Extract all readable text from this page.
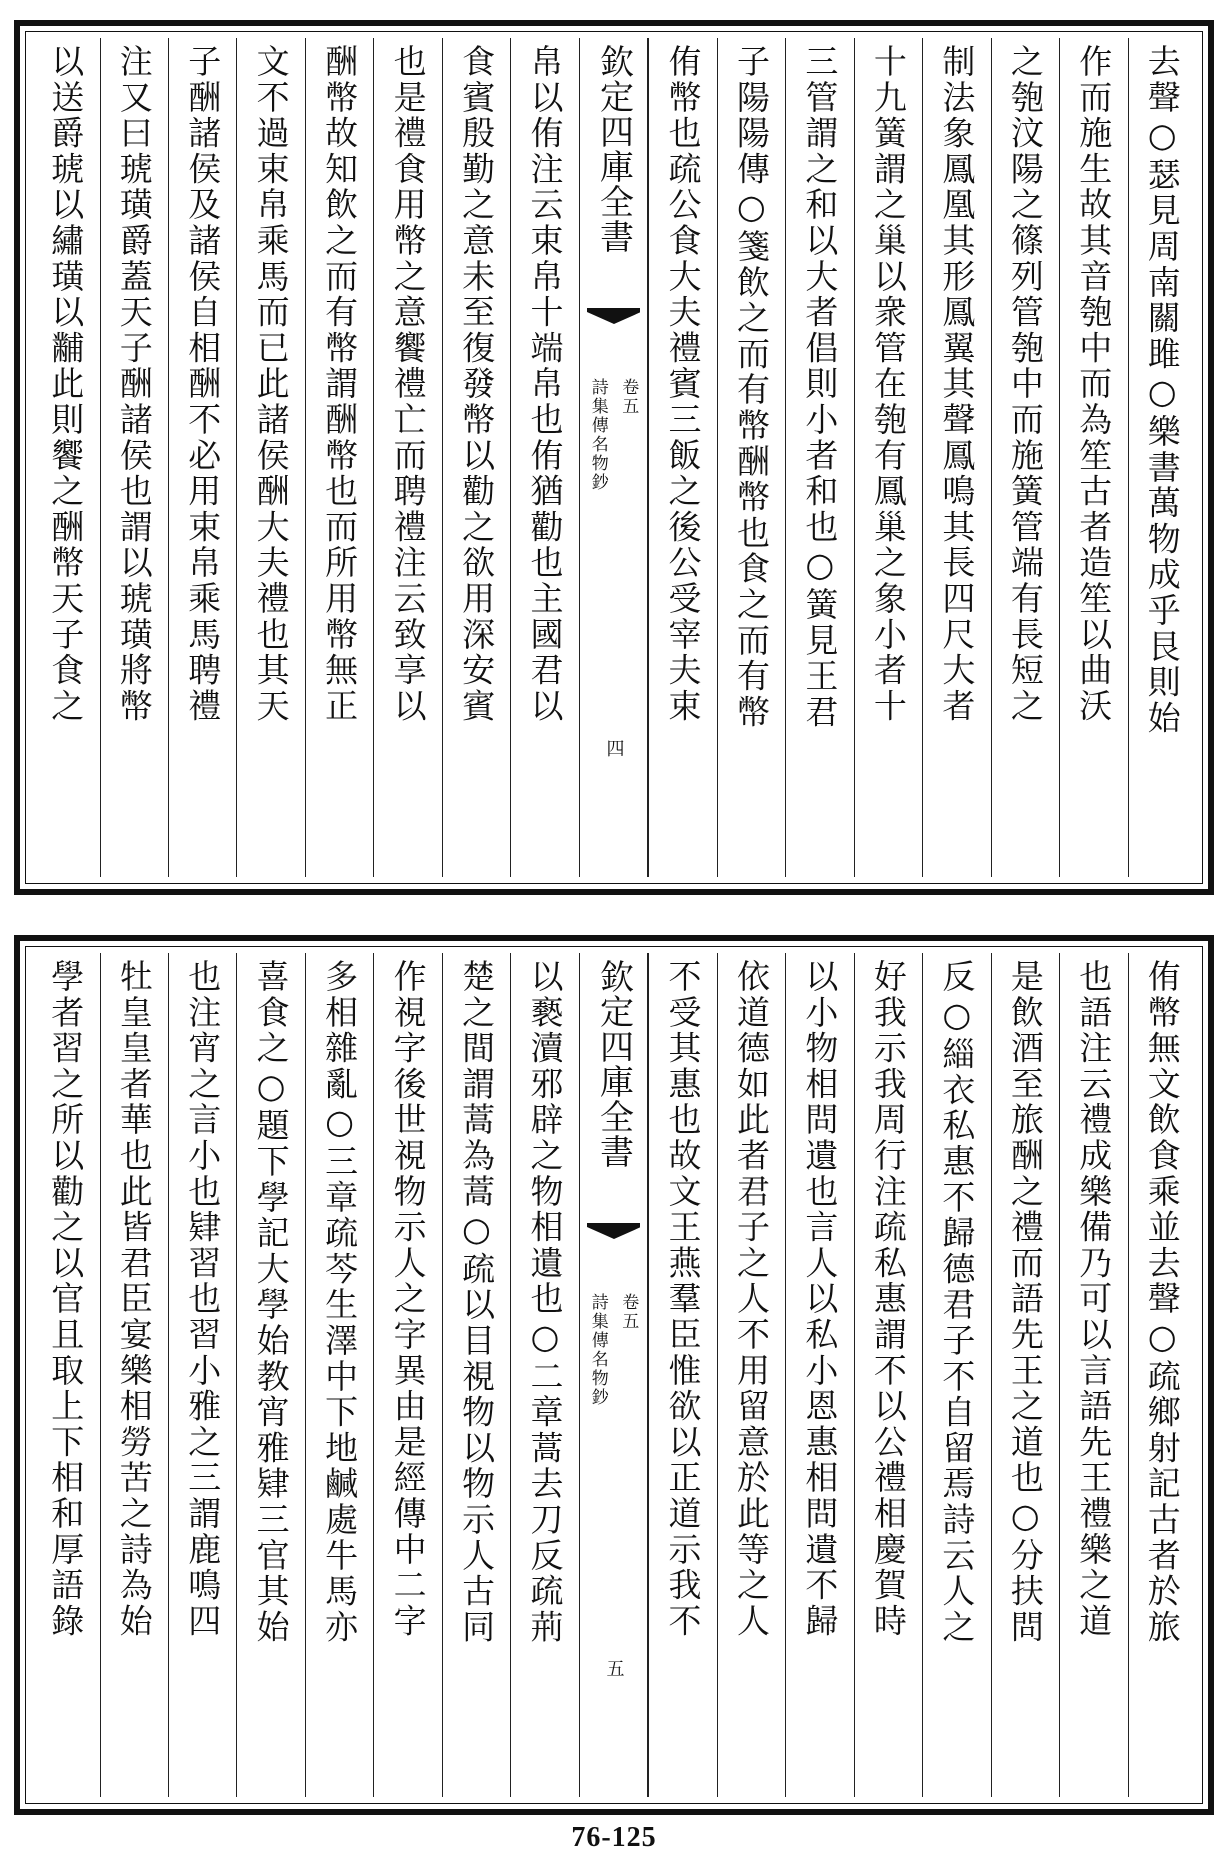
去聲○瑟見周南關雎○樂書萬物成乎艮則始
作而施生故其音匏中而為笙古者造笙以曲沃
之匏汶陽之篠列管匏中而施簧管端有長短之
制法象鳳凰其形鳳翼其聲鳳鳴其長四尺大者
十九簧謂之巢以衆管在匏有鳳巢之象小者十
三管謂之和以大者倡則小者和也○簧見王君
子陽陽傳○箋飲之而有幣酬幣也食之而有幣
侑幣也疏公食大夫禮賓三飯之後公受宰夫束
欽定四庫全書
詩集傳名物鈔 卷五
四
帛以侑注云束帛十端帛也侑猶勸也主國君以
食賓殷勤之意未至復發幣以勸之欲用深安賓
也是禮食用幣之意饗禮亡而聘禮注云致享以
酬幣故知飲之而有幣謂酬幣也而所用幣無正
文不過束帛乘馬而已此諸侯酬大夫禮也其天
子酬諸侯及諸侯自相酬不必用束帛乘馬聘禮
注又曰琥璜爵蓋天子酬諸侯也謂以琥璜將幣
以送爵琥以繡璜以黼此則饗之酬幣天子食之
侑幣無文飲食乘並去聲○疏鄉射記古者於旅
也語注云禮成樂備乃可以言語先王禮樂之道
是飲酒至旅酬之禮而語先王之道也○分扶問
反○緇衣私惠不歸德君子不自留焉詩云人之
好我示我周行注疏私惠謂不以公禮相慶賀時
以小物相問遺也言人以私小恩惠相問遺不歸
依道德如此者君子之人不用留意於此等之人
不受其惠也故文王燕羣臣惟欲以正道示我不
欽定四庫全書
詩集傳名物鈔 卷五
五
以褻瀆邪辟之物相遺也○二章蒿去刀反疏荊
楚之間謂蒿為蒿○疏以目視物以物示人古同
作視字後世視物示人之字異由是經傳中二字
多相雜亂○三章疏芩生澤中下地鹹處牛馬亦
喜食之○題下學記大學始教宵雅肄三官其始
也注宵之言小也肄習也習小雅之三謂鹿鳴四
牡皇皇者華也此皆君臣宴樂相勞苦之詩為始
學者習之所以勸之以官且取上下相和厚語錄
76-125
